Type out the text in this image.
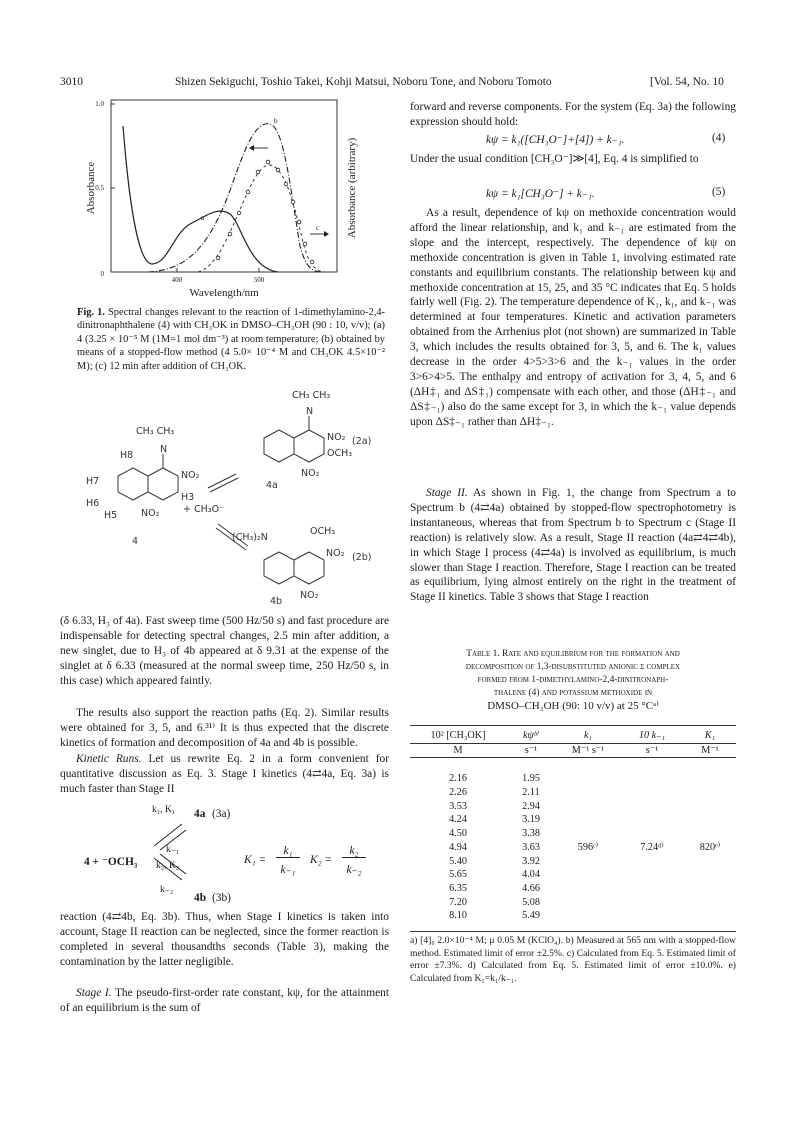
3010	Shizen Sekiguchi, Toshio Takei, Kohji Matsui, Noboru Tone, and Noboru Tomoto	[Vol. 54, No. 10
1.0
0.5
0
400	500
Wavelength/nm
Absorbance	Absorbance (arbitrary)
a
b
c
Fig. 1. Spectral changes relevant to the reaction of 1-dimethylamino-2,4-dinitronaphthalene (4) with CH₃OK in DMSO–CH₃OH (90 : 10, v/v); (a) 4 (3.25 × 10⁻⁵ M (1M=1 mol dm⁻³) at room temperature; (b) obtained by means of a stopped-flow method (4 5.0× 10⁻⁴ M and CH₃OK 4.5×10⁻² M); (c) 12 min after addition of CH₃OK.
CH₃ CH₃
N
NO₂
NO₂
H8
H7
H6
H5
H3
4
+ CH₃O⁻
CH₃ CH₃
N
NO₂
OCH₃
NO₂
4a
(2a)
(CH₃)₂N
OCH₃
NO₂
NO₂
4b
(2b)
(δ 6.33, H₃ of 4a). Fast sweep time (500 Hz/50 s) and fast procedure are indispensable for detecting spectral changes, 2.5 min after addition, a new singlet, due to H₃ of 4b appeared at δ 9.31 at the expense of the singlet at δ 6.33 (measured at the normal sweep time, 250 Hz/50 s, in this case) which appeared faintly.
The results also support the reaction paths (Eq. 2). Similar results were obtained for 3, 5, and 6.³¹⁾ It is thus expected that the discrete kinetics of formation and decomposition of 4a and 4b is possible.
Kinetic Runs. Let us rewrite Eq. 2 in a form convenient for quantitative discussion as Eq. 3. Stage I kinetics (4⇄4a, Eq. 3a) is much faster than Stage II
4 + ⁻OCH₃
k₁, K₁
k₋₁
k₂, K₂
k₋₂
4a (3a)
4b (3b)
K₁ =
k₁
k₋₁
K₂ =
k₂
k₋₂
reaction (4⇄4b, Eq. 3b). Thus, when Stage I kinetics is taken into account, Stage II reaction can be neglected, since the former reaction is completed in several thousandths seconds (Table 3), making the contamination by the latter negligible.
Stage I. The pseudo-first-order rate constant, kψ, for the attainment of an equilibrium is the sum of
forward and reverse components. For the system (Eq. 3a) the following expression should hold:
kψ = k₁([CH₃O⁻]+[4]) + k₋₁.	(4)
Under the usual condition [CH₃O⁻]≫[4], Eq. 4 is simplified to
kψ = k₁[CH₃O⁻] + k₋₁.	(5)
As a result, dependence of kψ on methoxide concentration would afford the linear relationship, and k₁ and k₋₁ are estimated from the slope and the intercept, respectively. The dependence of kψ on methoxide concentration is given in Table 1, involving estimated rate constants and equilibrium constants. The relationship between kψ and methoxide concentration at 15, 25, and 35 °C indicates that Eq. 5 holds fairly well (Fig. 2). The temperature dependence of K₁, k₁, and k₋₁ was determined at four temperatures. Kinetic and activation parameters obtained from the Arrhenius plot (not shown) are summarized in Table 3, which includes the results obtained for 3, 5, and 6. The k₁ values decrease in the order 4>5>3>6 and the k₋₁ values in the order 3>6>4>5. The enthalpy and entropy of activation for 3, 4, 5, and 6 (ΔH‡₁ and ΔS‡₁) compensate with each other, and those (ΔH‡₋₁ and ΔS‡₋₁) also do the same except for 3, in which the k₋₁ value depends upon ΔS‡₋₁ rather than ΔH‡₋₁.
Stage II. As shown in Fig. 1, the change from Spectrum a to Spectrum b (4⇄4a) obtained by stopped-flow spectrophotometry is instantaneous, whereas that from Spectrum b to Spectrum c (Stage II reaction) is relatively slow. As a result, Stage II reaction (4a⇄4⇄4b), in which Stage I process (4⇄4a) is involved as equilibrium, is much slower than Stage I reaction. Therefore, Stage I reaction can be treated as equilibrium, lying almost entirely on the right in the treatment of Stage II kinetics. Table 3 shows that Stage I reaction
Table 1. Rate and equilibrium for the formation and
decomposition of 1,3-disubstituted anionic σ complex
formed from 1-dimethylamino-2,4-dinitronaph-
thalene (4) and potassium methoxide in
DMSO–CH₃OH (90: 10 v/v) at 25 °Cᵃ⁾
10² [CH₃OK]	kψᵇ⁾	k₁	10 k₋₁	K₁
M	s⁻¹	M⁻¹ s⁻¹	s⁻¹	M⁻¹

2.16	1.95			
2.26	2.11			
3.53	2.94			
4.24	3.19			
4.50	3.38			
4.94	3.63	596ᶜ⁾	7.24ᵈ⁾	820ᵉ⁾
5.40	3.92			
5.65	4.04			
6.35	4.66			
7.20	5.08			
8.10	5.49			
a) [4]₀ 2.0×10⁻⁴ M; μ 0.05 M (KClO₄). b) Measured at 565 nm with a stopped-flow method. Estimated limit of error ±2.5%. c) Calculated from Eq. 5. Estimated limit of error ±7.3%. d) Calculated from Eq. 5. Estimated limit of error ±10.0%. e) Calculated from K₁=k₁/k₋₁.
